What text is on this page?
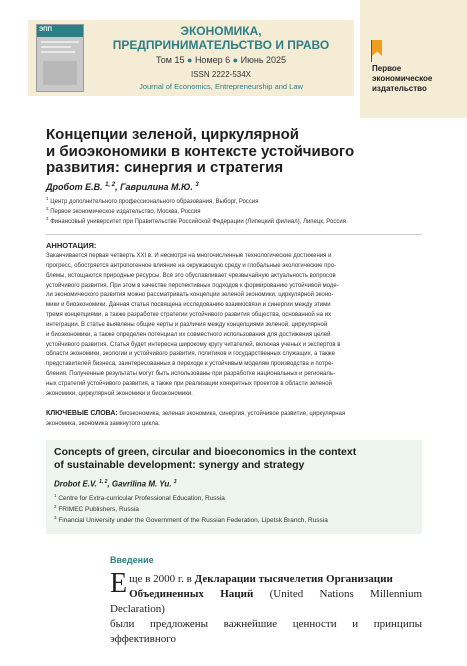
ЭПП	ЭКОНОМИКА,
ПРЕДПРИНИМАТЕЛЬСТВО И ПРАВО
Том 15 ● Номер 6 ● Июнь 2025
ISSN 2222-534X
Journal of Economics, Entrepreneurship and Law
Первое
экономическое
издательство
Концепции зеленой, циркулярной
и биоэкономики в контексте устойчивого
развития: синергия и стратегия
Дробот Е.В. $^{1, 2}$, Гаврилина М.Ю. $^3$
$^1$ Центр дополнительного профессионального образования, Выборг, Россия
$^2$ Первое экономическое издательство, Москва, Россия
$^3$ Финансовый университет при Правительстве Российской Федерации (Липецкий филиал), Липецк, Россия
АННОТАЦИЯ:
Заканчивается первая четверть XXI в. И несмотря на многочисленные технологические достижения и
прогресс, обостряется антропогенное влияние на окружающую среду и глобальные экологические про-
блемы, истощаются природные ресурсы. Все это обуславливает чрезвычайную актуальность вопросов
устойчивого развития. При этом в качестве перспективных подходов к формированию устойчивой моде-
ли экономического развития можно рассматривать концепции зеленой экономики, циркулярной эконо-
мики и биоэкономики. Данная статья посвящена исследованию взаимосвязи и синергии между этими
тремя концепциями, а также разработке стратегии устойчивого развития общества, основанной на их
интеграции. В статье выявлены общие черты и различия между концепциями зеленой, циркулярной
и биоэкономики, а также определен потенциал их совместного использования для достижения целей
устойчивого развития. Статья будет интересна широкому кругу читателей, включая ученых и экспертов в
области экономики, экологии и устойчивого развития, политиков и государственных служащих, а также
представителей бизнеса, заинтересованных в переходе к устойчивым моделям производства и потре-
бления. Полученные результаты могут быть использованы при разработке национальных и региональ-
ных стратегий устойчивого развития, а также при реализации конкретных проектов в области зеленой
экономики, циркулярной экономики и биоэкономики.
КЛЮЧЕВЫЕ СЛОВА: биоэкономика, зеленая экономика, синергия, устойчивое развитие, циркулярная
экономика, экономика замкнутого цикла.
Concepts of green, circular and bioeconomics in the context
of sustainable development: synergy and strategy
Drobot E.V. $^{1, 2}$, Gavrilina M. Yu. $^3$
$^1$ Centre for Extra-curricular Professional Education, Russia
$^2$ FRIMEC Publishers, Russia
$^3$ Financial University under the Government of the Russian Federation, Lipetsk Branch, Russia
Введение
Е ще в 2000 г. в Декларации тысячелетия Организации
Объединенных Наций (United Nations Millennium Declaration)
были предложены важнейшие ценности и принципы эффективного
